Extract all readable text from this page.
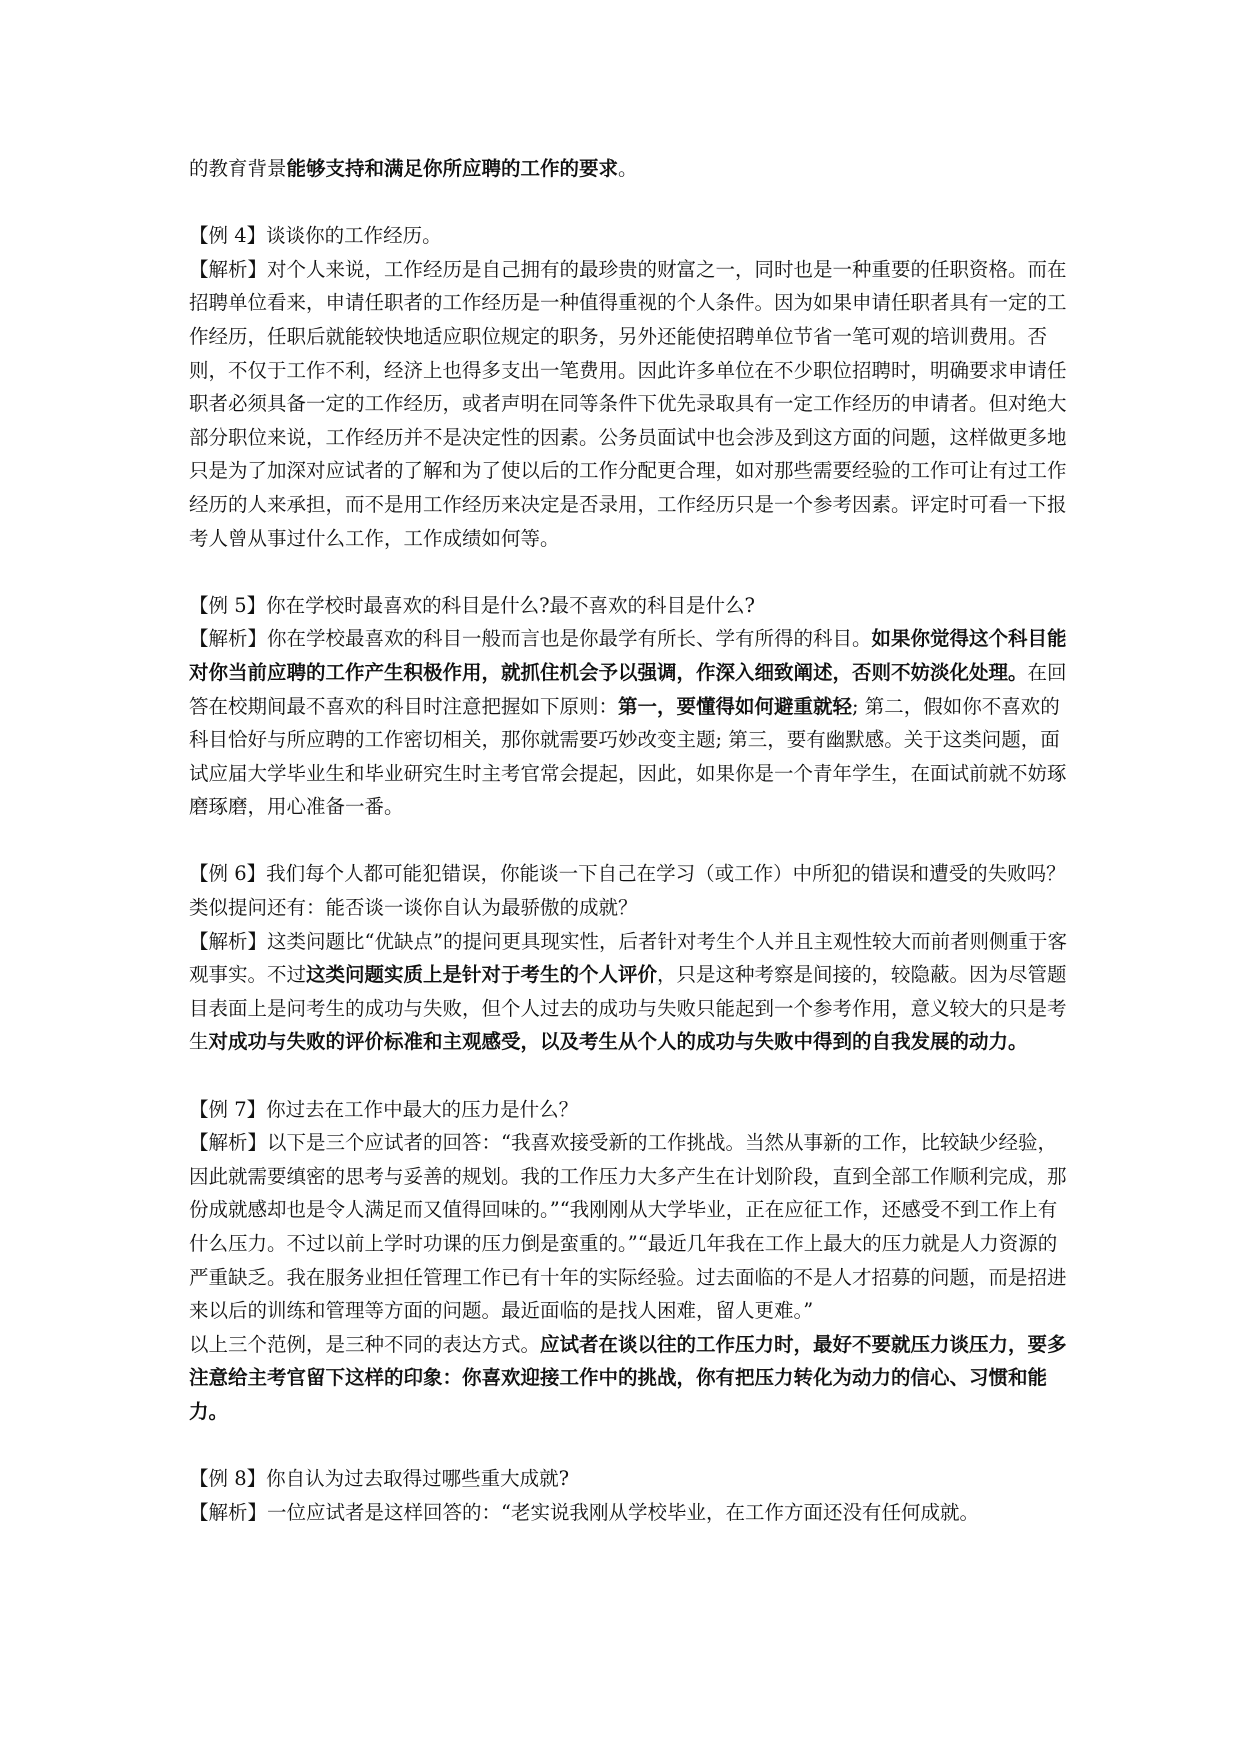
的教育背景能够支持和满足你所应聘的工作的要求。

【例 4】谈谈你的工作经历。

【解析】对个人来说，工作经历是自己拥有的最珍贵的财富之一，同时也是一种重要的任职资格。而在招聘单位看来，申请任职者的工作经历是一种值得重视的个人条件。因为如果申请任职者具有一定的工作经历，任职后就能较快地适应职位规定的职务，另外还能使招聘单位节省一笔可观的培训费用。否则，不仅于工作不利，经济上也得多支出一笔费用。因此许多单位在不少职位招聘时，明确要求申请任职者必须具备一定的工作经历，或者声明在同等条件下优先录取具有一定工作经历的申请者。但对绝大部分职位来说，工作经历并不是决定性的因素。公务员面试中也会涉及到这方面的问题，这样做更多地只是为了加深对应试者的了解和为了使以后的工作分配更合理，如对那些需要经验的工作可让有过工作经历的人来承担，而不是用工作经历来决定是否录用，工作经历只是一个参考因素。评定时可看一下报考人曾从事过什么工作，工作成绩如何等。

【例 5】你在学校时最喜欢的科目是什么?最不喜欢的科目是什么?

【解析】你在学校最喜欢的科目一般而言也是你最学有所长、学有所得的科目。如果你觉得这个科目能对你当前应聘的工作产生积极作用，就抓住机会予以强调，作深入细致阐述，否则不妨淡化处理。在回答在校期间最不喜欢的科目时注意把握如下原则：第一，要懂得如何避重就轻; 第二，假如你不喜欢的科目恰好与所应聘的工作密切相关，那你就需要巧妙改变主题; 第三，要有幽默感。关于这类问题，面试应届大学毕业生和毕业研究生时主考官常会提起，因此，如果你是一个青年学生，在面试前就不妨琢磨琢磨，用心准备一番。

【例 6】我们每个人都可能犯错误，你能谈一下自己在学习（或工作）中所犯的错误和遭受的失败吗？类似提问还有：能否谈一谈你自认为最骄傲的成就？

【解析】这类问题比“优缺点”的提问更具现实性，后者针对考生个人并且主观性较大而前者则侧重于客观事实。不过这类问题实质上是针对于考生的个人评价，只是这种考察是间接的，较隐蔽。因为尽管题目表面上是问考生的成功与失败，但个人过去的成功与失败只能起到一个参考作用，意义较大的只是考生对成功与失败的评价标准和主观感受，以及考生从个人的成功与失败中得到的自我发展的动力。

【例 7】你过去在工作中最大的压力是什么？

【解析】以下是三个应试者的回答：“我喜欢接受新的工作挑战。当然从事新的工作，比较缺少经验，因此就需要缜密的思考与妥善的规划。我的工作压力大多产生在计划阶段，直到全部工作顺利完成，那份成就感却也是令人满足而又值得回味的。”“我刚刚从大学毕业，正在应征工作，还感受不到工作上有什么压力。不过以前上学时功课的压力倒是蛮重的。”“最近几年我在工作上最大的压力就是人力资源的严重缺乏。我在服务业担任管理工作已有十年的实际经验。过去面临的不是人才招募的问题，而是招进来以后的训练和管理等方面的问题。最近面临的是找人困难，留人更难。”

以上三个范例，是三种不同的表达方式。应试者在谈以往的工作压力时，最好不要就压力谈压力，要多注意给主考官留下这样的印象：你喜欢迎接工作中的挑战，你有把压力转化为动力的信心、习惯和能力。

【例 8】你自认为过去取得过哪些重大成就?

【解析】一位应试者是这样回答的：“老实说我刚从学校毕业，在工作方面还没有任何成就。
